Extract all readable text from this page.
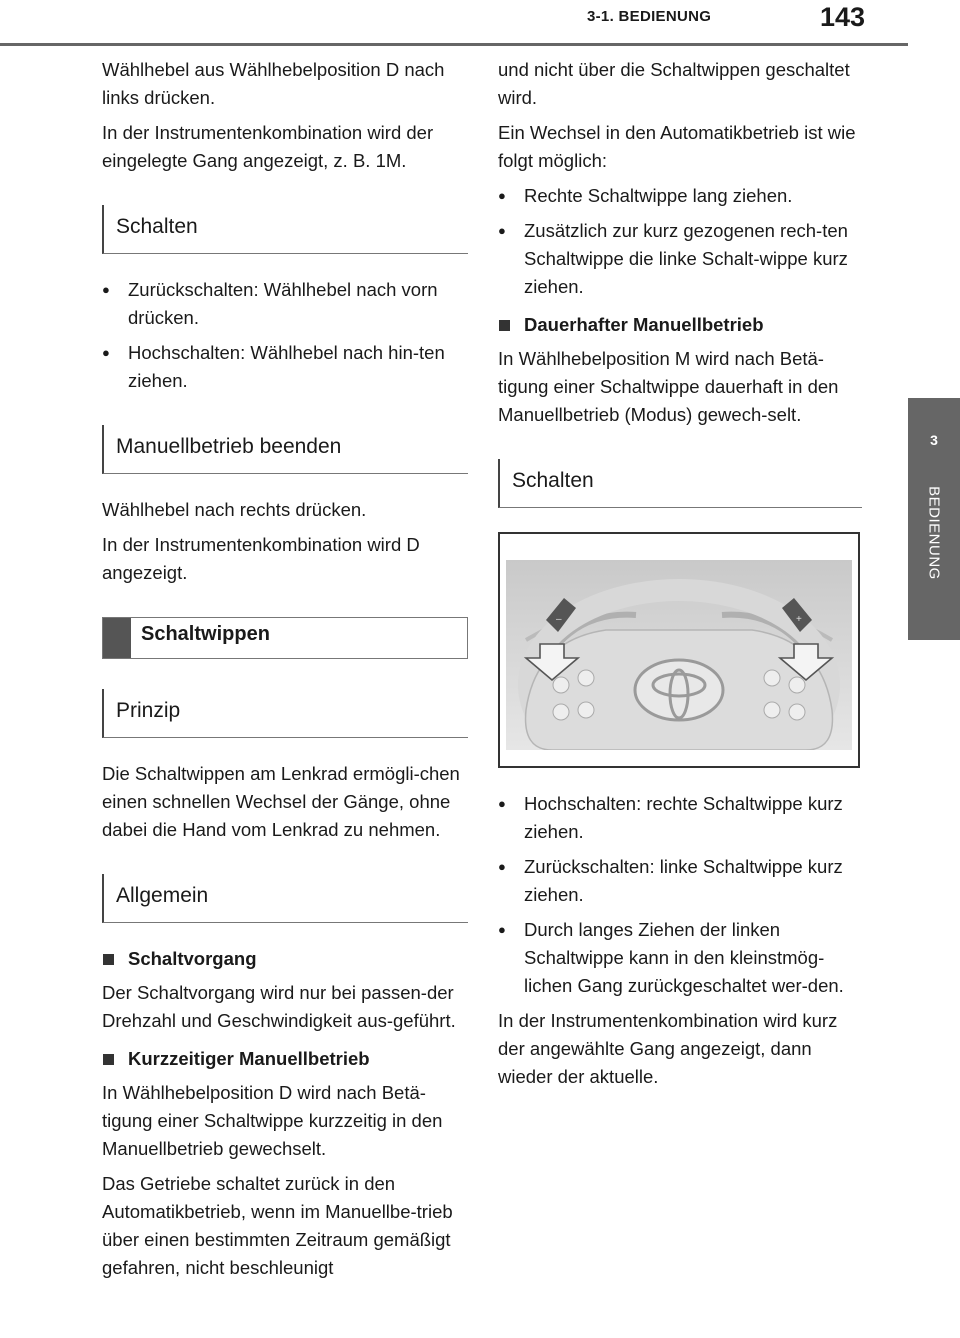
3-1. BEDIENUNG	143
3
BEDIENUNG

Wählhebel aus Wählhebelposition D nach links drücken.

In der Instrumentenkombination wird der eingelegte Gang angezeigt, z. B. 1M.

Schalten
● Zurückschalten: Wählhebel nach vorn drücken.
● Hochschalten: Wählhebel nach hin-ten ziehen.
Manuellbetrieb beenden

Wählhebel nach rechts drücken.

In der Instrumentenkombination wird D angezeigt.

Schaltwippen
Prinzip

Die Schaltwippen am Lenkrad ermögli-chen einen schnellen Wechsel der Gänge, ohne dabei die Hand vom Lenkrad zu nehmen.

Allgemein
Schaltvorgang

Der Schaltvorgang wird nur bei passen-der Drehzahl und Geschwindigkeit aus-geführt.

Kurzzeitiger Manuellbetrieb

In Wählhebelposition D wird nach Betä-tigung einer Schaltwippe kurzzeitig in den Manuellbetrieb gewechselt.

Das Getriebe schaltet zurück in den Automatikbetrieb, wenn im Manuellbe-trieb über einen bestimmten Zeitraum gemäßigt gefahren, nicht beschleunigt

und nicht über die Schaltwippen geschaltet wird.

Ein Wechsel in den Automatikbetrieb ist wie folgt möglich:

● Rechte Schaltwippe lang ziehen.
● Zusätzlich zur kurz gezogenen rech-ten Schaltwippe die linke Schalt-wippe kurz ziehen.
Dauerhafter Manuellbetrieb

In Wählhebelposition M wird nach Betä-tigung einer Schaltwippe dauerhaft in den Manuellbetrieb (Modus) gewech-selt.

Schalten
–	+
● Hochschalten: rechte Schaltwippe kurz ziehen.
● Zurückschalten: linke Schaltwippe kurz ziehen.
● Durch langes Ziehen der linken Schaltwippe kann in den kleinstmög-lichen Gang zurückgeschaltet wer-den.

In der Instrumentenkombination wird kurz der angewählte Gang angezeigt, dann wieder der aktuelle.
